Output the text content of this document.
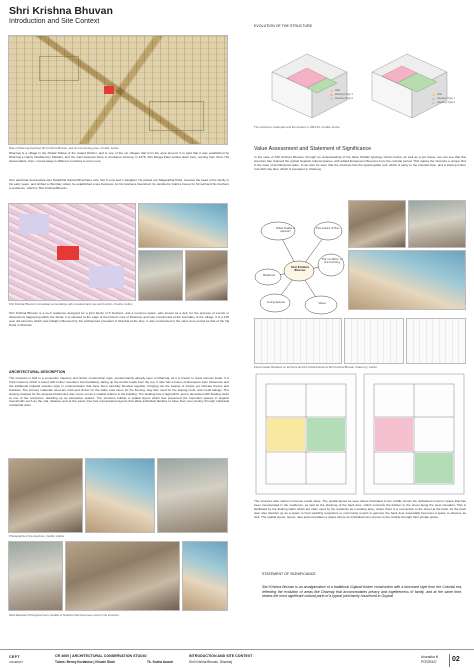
Shri Krishna Bhuvan
Introduction and Site Context
Map of Dharmaj depicting Shri Krishna Bhuvan, and its surrounding area. Credits: Author
Dharmaj is a village in the Petlad Taluka of the Anand District, and is one of the six villages that form the area around. It is said that it was established by Dharmaj a mainly inhabited by Patidars, and the main business there is of tobacco farming. In 1675, Shri Ranga Patel settled down here, coming from Vinol. His descendants, then, moved away to different countries to earn more.
One particular descendant was Tarahbhai Narsinhbhai Patel, who has 5 sons and 1 daughter. He picked son Maganbhai Patel, became the head of the family in his early years, and shifted to Bombay where he established a tea business. As his business flourished, he decided to build a house for himself and his brothers a residence, which is Shri Krishna Bhuvan.
Shri Krishna Bhuvan's immediate surroundings with prevalent land use and function. Credits: Author
Shri Krishna Bhuvan is a G+3 residence designed for a joint family of 5 brothers, and a common space, also known as a deli, for the purpose of events or discussions happening within the family. It is situated at the edge of the historic core of Dharmaj, and was constructed at the boundary of the village. It is a 125 year old structure which was initially influenced by the architecture prevalent in Mumbai at the time. It was constructed in the same time period as that of the Taj Hotel in Mumbai.
ARCHITECTURAL DESCRIPTION
The structure is built in a composite masonry and timber construction style, predominantly already seen in Dharmaj, as it is known to resist seismic loads. It is brick masonry which is laced with timber members intermediately, taking up the tensile loads from the top. It also has a fusion of European style influences and the traditional Gujarati wooden style in ornamentation that have been carefully blended together, bringing out the beauty of simple yet intricate friezes and brackets. The primary materials used are brick and timber for the walls, kota stone for the flooring, clay tiles used for the sloping roofs, and metal railings. The sloping chaukas for the projected balconies also come out as a notable feature in the building. The building has a high plinth, and is decorated with floating stairs at one of the entrances, doubling up as interactive spaces. The structure follows a spatial layout which has preserved the important spaces in Gujarat households such as the otla, daraaso and at the same time has incorporated layouts that allow individual families to have their own privacy through individual residential units.
Photographs of the structure. Credits: Author
West Elevation Photogrammetry. Details of brackets that have been used in the structure.
EVOLUTION OF THE STRUCTURE
Otla
Housing Type 1
Housing Type 2
Otla
Housing Type 1
Housing Type 2
The structure's initial plan and the division in 1963-64. Credits: Author
Value Assessment and Statement of Significance
In the case of Shri Krishna Bhuvan, through an understanding of the basic Khadki typology shown below, as well as a pol house, we can see that this structure has retained the typical Gujarati cultural spaces, with added European influences from the colonial period. This makes the structure a unique find in the case of architectural value. It can also be seen that the structure has the typical gable roof, which is jointy to the colonial style, and a sloping timber roof with clay tiles, which is prevalent in Charmaj.
What makes it special?
The nature of the...
The condition of the building
Materials
Living Spaces	Value
Shri Krishna Bhuvan
Frieze Detail, Brackets on all floors and the Krishna Rock at Shri Krishna Bhuvan. Drawn by: Author
The structure also carries immense social value. The spatial layout as seen above illustrated in the middle shows the dedicated common space that has been incorporated in the residence, as well as the planning of the back door, which connects the kitchen to the street along the west elevation. This is facilitated by the floating stairs which are often used by the residents as a seating area, where there is a connection to the street at the back. As the back door also doubles up as a space to host wedding receptions or community events in general, the back door essentially becomes a space to observe as well. The spatial layout, hence, also accommodates a space where an individual can connect to the outside through their private space.
STATEMENT OF SIGNIFICANCE
Shri Krishna Bhuvan is an amalgamation of a traditional Gujarati timber construction with a borrowed style from the Colonial era, reflecting the evolution of areas like Dharmaj that accommodates privacy and togetherness of family, and at the same time, retains the most significant cultural parts of a typical joint family household in Gujarat
CEPT
UNIVERSITY
CR 4000 | ARCHITECTURAL CONSERVATION STUDIO
Tutors: Benny Kuriakose | Khushi Shah	Tk. Sneha Anand
INTRODUCTION AND SITE CONTEXT
Shri Krishna Bhuvan, Dharmaj
Anuradha N
PCR20347 02
